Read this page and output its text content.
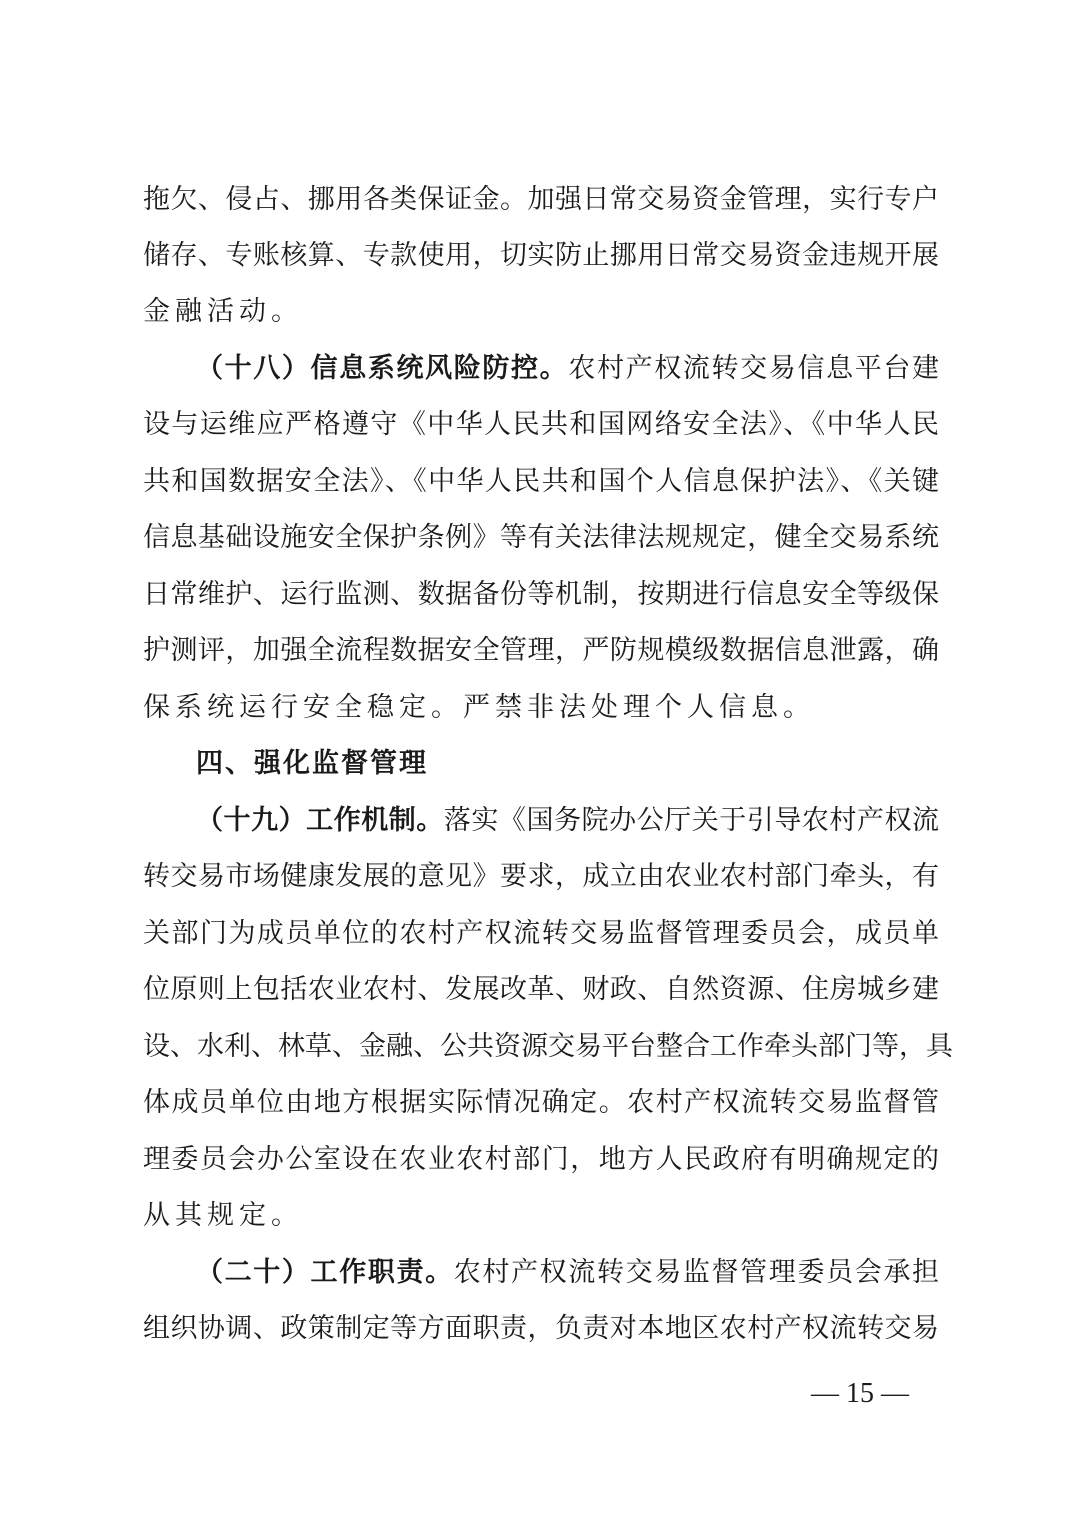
拖欠、侵占、挪用各类保证金。加强日常交易资金管理，实行专户
储存、专账核算、专款使用，切实防止挪用日常交易资金违规开展
金融活动。
（十八）信息系统风险防控。农村产权流转交易信息平台建
设与运维应严格遵守《中华人民共和国网络安全法》、《中华人民
共和国数据安全法》、《中华人民共和国个人信息保护法》、《关键
信息基础设施安全保护条例》等有关法律法规规定，健全交易系统
日常维护、运行监测、数据备份等机制，按期进行信息安全等级保
护测评，加强全流程数据安全管理，严防规模级数据信息泄露，确
保系统运行安全稳定。严禁非法处理个人信息。
四、强化监督管理
（十九）工作机制。落实《国务院办公厅关于引导农村产权流
转交易市场健康发展的意见》要求，成立由农业农村部门牵头，有
关部门为成员单位的农村产权流转交易监督管理委员会，成员单
位原则上包括农业农村、发展改革、财政、自然资源、住房城乡建
设、水利、林草、金融、公共资源交易平台整合工作牵头部门等，具
体成员单位由地方根据实际情况确定。农村产权流转交易监督管
理委员会办公室设在农业农村部门，地方人民政府有明确规定的
从其规定。
（二十）工作职责。农村产权流转交易监督管理委员会承担
组织协调、政策制定等方面职责，负责对本地区农村产权流转交易
— 15 —
